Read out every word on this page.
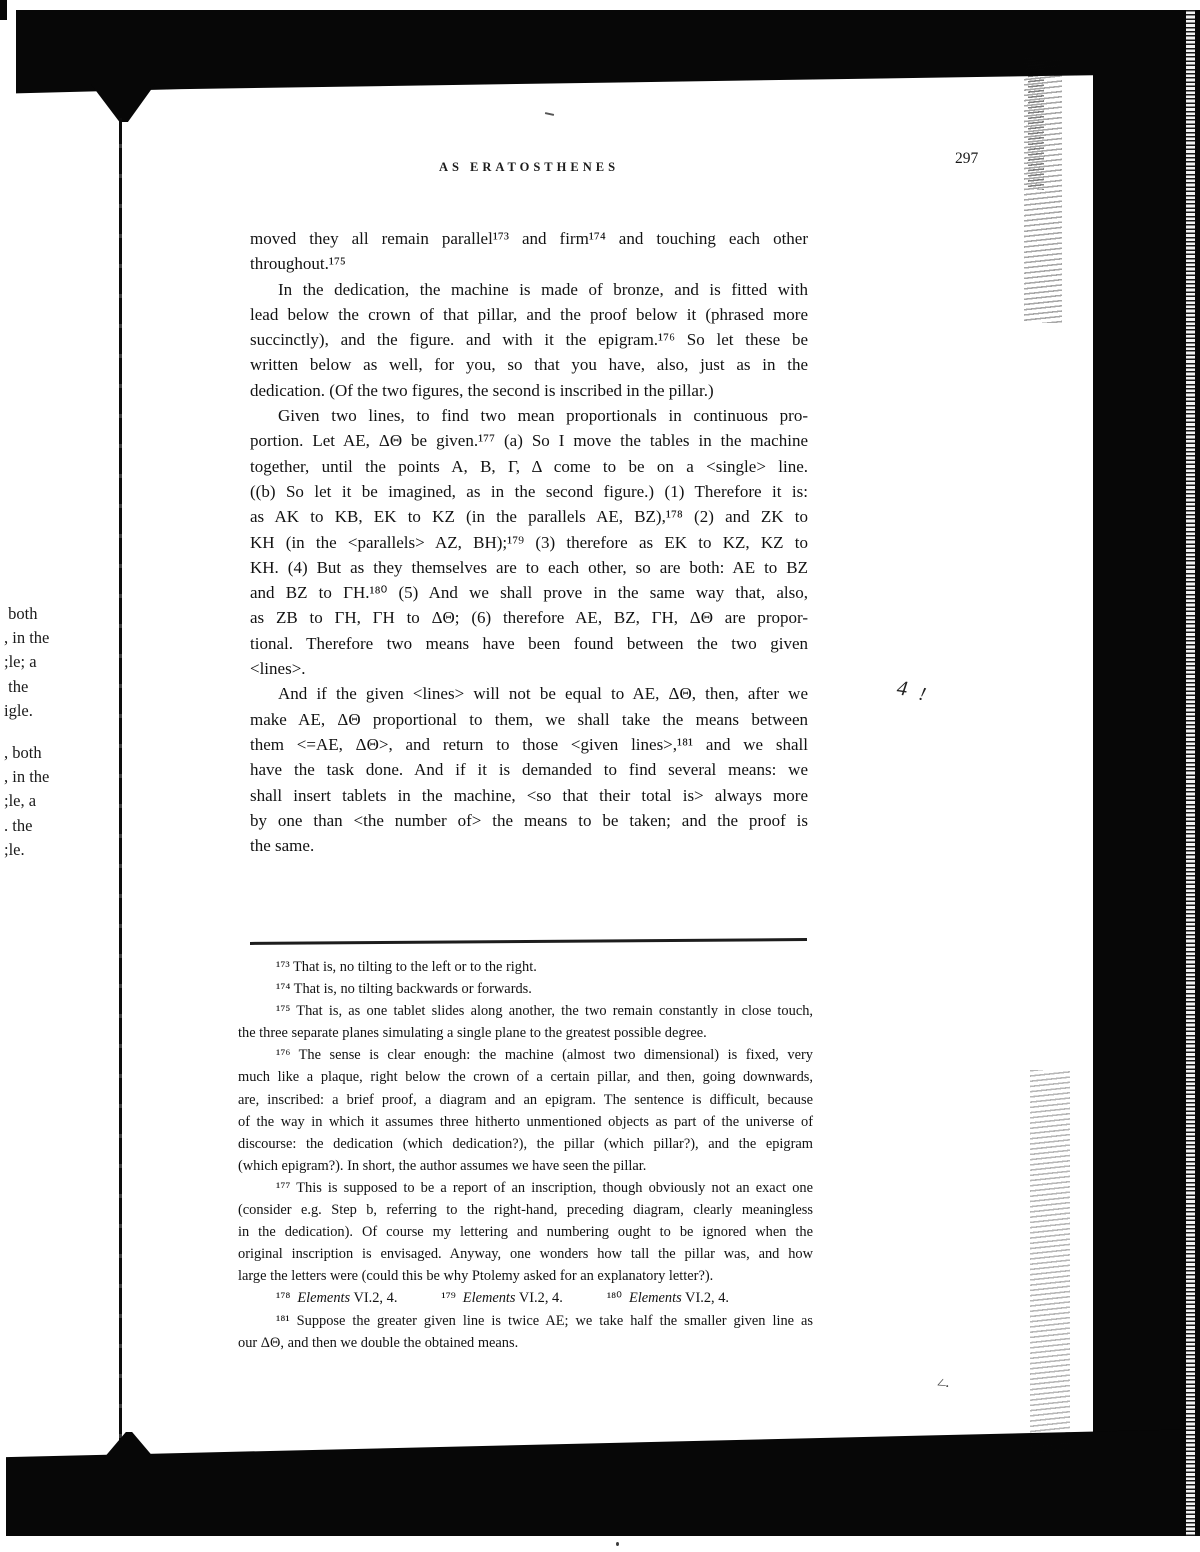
AS ERATOSTHENES	297
moved they all remain parallel¹⁷³ and firm¹⁷⁴ and touching each other
throughout.¹⁷⁵
In the dedication, the machine is made of bronze, and is fitted with
lead below the crown of that pillar, and the proof below it (phrased more
succinctly), and the figure. and with it the epigram.¹⁷⁶ So let these be
written below as well, for you, so that you have, also, just as in the
dedication. (Of the two figures, the second is inscribed in the pillar.)
Given two lines, to find two mean proportionals in continuous pro-
portion. Let AE, ΔΘ be given.¹⁷⁷ (a) So I move the tables in the machine
together, until the points A, B, Γ, Δ come to be on a <single> line.
((b) So let it be imagined, as in the second figure.) (1) Therefore it is:
as AK to KB, EK to KZ (in the parallels AE, BZ),¹⁷⁸ (2) and ZK to
KH (in the <parallels> AZ, BH);¹⁷⁹ (3) therefore as EK to KZ, KZ to
KH. (4) But as they themselves are to each other, so are both: AE to BZ
and BZ to ΓH.¹⁸⁰ (5) And we shall prove in the same way that, also,
as ZB to ΓH, ΓH to ΔΘ; (6) therefore AE, BZ, ΓH, ΔΘ are propor-
tional. Therefore two means have been found between the two given
<lines>.
And if the given <lines> will not be equal to AE, ΔΘ, then, after we
make AE, ΔΘ proportional to them, we shall take the means between
them <=AE, ΔΘ>, and return to those <given lines>,¹⁸¹ and we shall
have the task done. And if it is demanded to find several means: we
shall insert tablets in the machine, <so that their total is> always more
by one than <the number of> the means to be taken; and the proof is
the same.
¹⁷³ That is, no tilting to the left or to the right.
¹⁷⁴ That is, no tilting backwards or forwards.
¹⁷⁵ That is, as one tablet slides along another, the two remain constantly in close touch,
the three separate planes simulating a single plane to the greatest possible degree.
¹⁷⁶ The sense is clear enough: the machine (almost two dimensional) is fixed, very
much like a plaque, right below the crown of a certain pillar, and then, going downwards,
are, inscribed: a brief proof, a diagram and an epigram. The sentence is difficult, because
of the way in which it assumes three hitherto unmentioned objects as part of the universe of
discourse: the dedication (which dedication?), the pillar (which pillar?), and the epigram
(which epigram?). In short, the author assumes we have seen the pillar.
¹⁷⁷ This is supposed to be a report of an inscription, though obviously not an exact one
(consider e.g. Step b, referring to the right-hand, preceding diagram, clearly meaningless
in the dedication). Of course my lettering and numbering ought to be ignored when the
original inscription is envisaged. Anyway, one wonders how tall the pillar was, and how
large the letters were (could this be why Ptolemy asked for an explanatory letter?).
¹⁷⁸ Elements VI.2, 4.	¹⁷⁹ Elements VI.2, 4.	¹⁸⁰ Elements VI.2, 4.
¹⁸¹ Suppose the greater given line is twice AE; we take half the smaller given line as
our ΔΘ, and then we double the obtained means.
both
, in the
;le; a
the
igle.
, both
, in the
;le, a
. the
;le.
4 !
<.
